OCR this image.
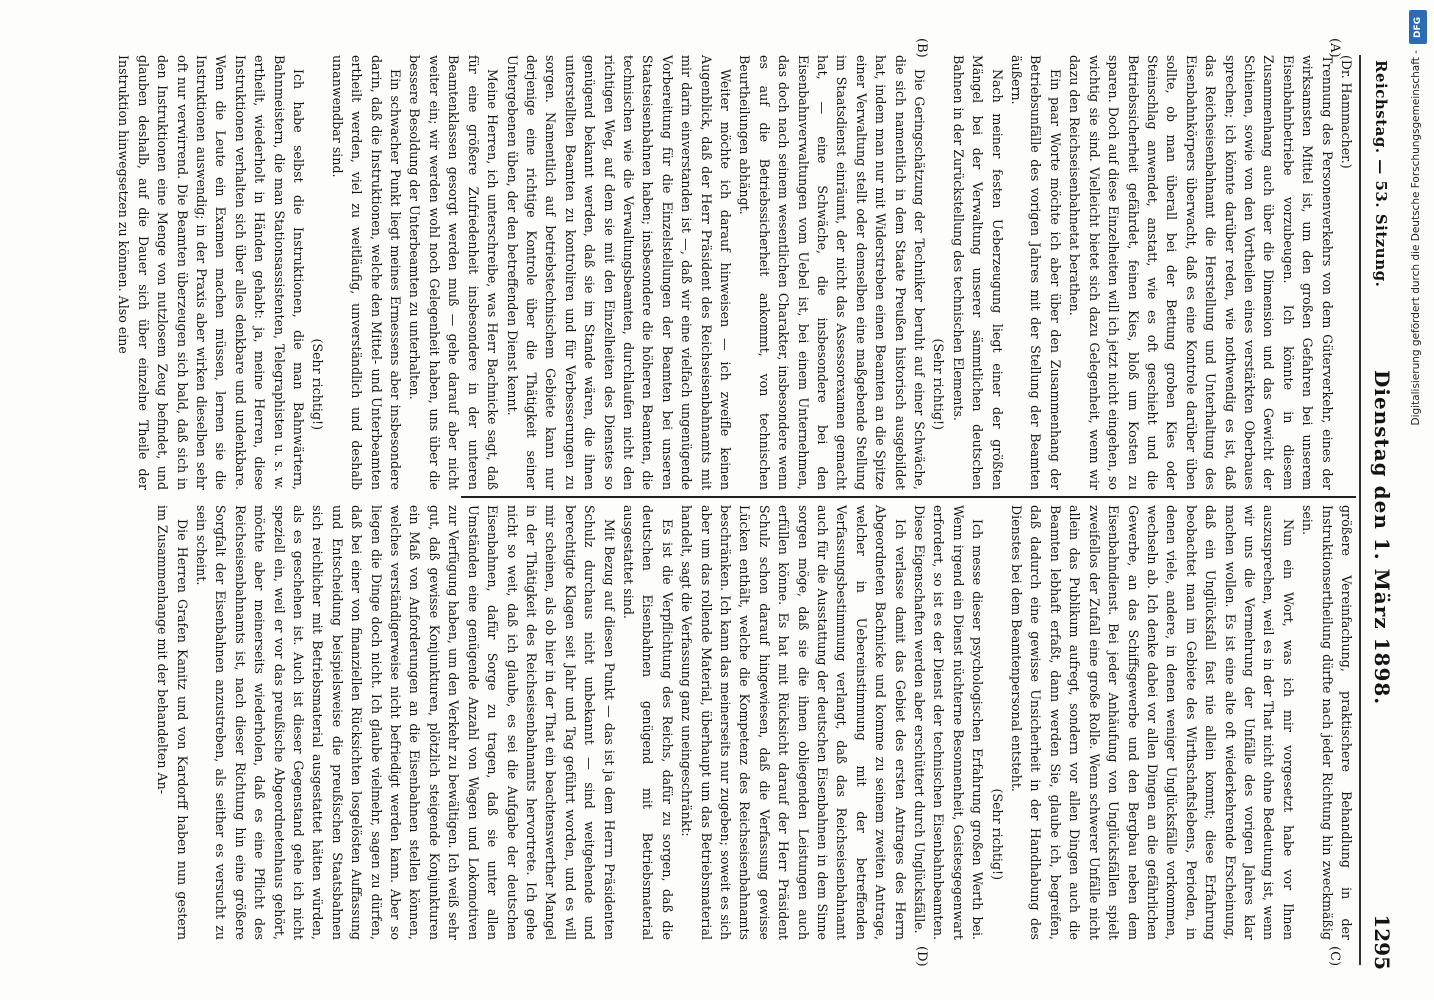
Reichstag. — 53. Sitzung.
Dienstag den 1. März 1898.
1295
(A)
(B)
(C)
(D)

(Dr. Hammacher.)

Trennung des Personenverkehrs von dem Güterverkehr, eines der wirksamsten Mittel ist, um den großen Gefahren bei unserem Eisenbahnbetriebe vorzubeugen. Ich könnte in diesem Zusammenhang auch über die Dimension und das Gewicht der Schienen, sowie von den Vortheilen eines verstärkten Oberbaues sprechen; ich könnte darüber reden, wie nothwendig es ist, daß das Reichseisenbahnamt die Herstellung und Unterhaltung des Eisenbahnkörpers überwacht, daß es eine Kontrole darüber üben sollte, ob man überall bei der Bettung groben Kies oder Steinschlag anwendet, anstatt, wie es oft geschieht und die Betriebssicherheit gefährdet, feinen Kies, bloß um Kosten zu sparen. Doch auf diese Einzelheiten will ich jetzt nicht eingehen, so wichtig sie sind. Vielleicht bietet sich dazu Gelegenheit, wenn wir dazu den Reichseisenbahnetat berathen.

Ein paar Worte möchte ich aber über den Zusammenhang der Betriebsunfälle des vorigen Jahres mit der Stellung der Beamten äußern.

Nach meiner festen Ueberzeugung liegt einer der größten Mängel bei der Verwaltung unserer sämmtlichen deutschen Bahnen in der Zurückstellung des technischen Elements.

(Sehr richtig!)

Die Geringschätzung der Techniker beruht auf einer Schwäche, die sich namentlich in dem Staate Preußen historisch ausgebildet hat, indem man nur mit Widerstreben einen Beamten an die Spitze einer Verwaltung stellt oder demselben eine maßgebende Stellung im Staatsdienst einräumt, der nicht das Assessorexamen gemacht hat, — eine Schwäche, die insbesondere bei den Eisenbahnverwaltungen vom Uebel ist, bei einem Unternehmen, das doch nach seinem wesentlichen Charakter, insbesondere wenn es auf die Betriebssicherheit ankommt, von technischen Beurtheilungen abhängt.

Weiter möchte ich darauf hinweisen — ich zweifle keinen Augenblick, daß der Herr Präsident des Reichseisenbahnamts mit mir darin einverstanden ist —, daß wir eine vielfach ungenügende Vorbereitung für die Einzelstellungen der Beamten bei unseren Staatseisenbahnen haben; insbesondere die höheren Beamten, die technischen wie die Verwaltungsbeamten, durchlaufen nicht den richtigen Weg, auf dem sie mit den Einzelheiten des Dienstes so genügend bekannt werden, daß sie im Stande wären, die ihnen unterstellten Beamten zu kontroliren und für Verbesserungen zu sorgen. Namentlich auf betriebstechnischem Gebiete kann nur derjenige eine richtige Kontrole über die Thätigkeit seiner Untergebenen üben, der den betreffenden Dienst kennt.

Meine Herren, ich unterschreibe, was Herr Bachnicke sagt, daß für eine größere Zufriedenheit insbesondere in der unteren Beamtenklassen gesorgt werden muß — gehe darauf aber nicht weiter ein; wir werden wohl noch Gelegenheit haben, uns über die bessere Besoldung der Unterbeamten zu unterhalten.

Ein schwacher Punkt liegt meines Ermessens aber insbesondere darin, daß die Instruktionen, welche den Mittel- und Unterbeamten ertheilt werden, viel zu weitläufig, unverständlich und deshalb unanwendbar sind.

(Sehr richtig!)

Ich habe selbst die Instruktionen, die man Bahnwärtern, Bahnmeistern, die man Stationsassistenten, Telegraphisten u. s. w. ertheilt, wiederholt in Händen gehabt: ja, meine Herren, diese Instruktionen verhalten sich über alles denkbare und undenkbare. Wenn die Leute ein Examen machen müssen, lernen sie die Instruktionen auswendig; in der Praxis aber wirken dieselben sehr oft nur verwirrend. Die Beamten überzeugen sich bald, daß sich in den Instruktionen eine Menge von nutzlosem Zeug befindet, und glauben deshalb, auf die Dauer sich über einzelne Theile der Instruktion hinwegsetzen zu können. Also eine

größere Vereinfachung, praktischere Behandlung in der Instruktionsertheilung dürfte nach jeder Richtung hin zweckmäßig sein.

Nun ein Wort, was ich mir vorgesetzt habe vor Ihnen auszusprechen, weil es in der That nicht ohne Bedeutung ist, wenn wir uns die Vermehrung der Unfälle des vorigen Jahres klar machen wollen. Es ist eine alte oft wiederkehrende Erscheinung, daß ein Unglücksfall fast nie allein kommt; diese Erfahrung beobachtet man im Gebiete des Wirthschaftslebens, Perioden, in denen viele, andere, in denen weniger Unglücksfälle vorkommen, wechseln ab. Ich denke dabei vor allen Dingen an die gefährlichen Gewerbe, an das Schiffsgewerbe und den Bergbau neben dem Eisenbahndienst. Bei jeder Anhäufung von Unglücksfällen spielt zweifellos der Zufall eine große Rolle. Wenn schwerer Unfälle nicht allein das Publikum aufregt, sondern vor allen Dingen auch die Beamten lebhaft erfaßt, dann werden Sie, glaube ich, begreifen, daß dadurch eine gewisse Unsicherheit in der Handhabung des Dienstes bei dem Beamtenpersonal entsteht.

(Sehr richtig!)

Ich messe dieser psychologischen Erfahrung großen Werth bei. Wenn irgend ein Dienst nüchterne Besonnenheit, Geistesgegenwart erfordert, so ist es der Dienst der technischen Eisenbahnbeamten. Diese Eigenschaften werden aber erschüttert durch Unglücksfälle.

Ich verlasse damit das Gebiet des ersten Antrages des Herrn Abgeordneten Bachnicke und komme zu seinem zweiten Antrage, welcher in Uebereinstimmung mit der betreffenden Verfassungsbestimmung verlangt, daß das Reichseisenbahnamt auch für die Ausstattung der deutschen Eisenbahnen in dem Sinne sorgen möge, daß sie die ihnen obliegenden Leistungen auch erfüllen könne. Es hat mit Rücksicht darauf der Herr Präsident Schulz schon darauf hingewiesen, daß die Verfassung gewisse Lücken enthält, welche die Kompetenz des Reichseisenbahnamts beschränken. Ich kann das meinerseits nur zugeben; soweit es sich aber um das rollende Material, überhaupt um das Betriebsmaterial handelt, sagt die Verfassung ganz uneingeschränkt:

Es ist die Verpflichtung des Reichs, dafür zu sorgen, daß die deutschen Eisenbahnen genügend mit Betriebsmaterial ausgestattet sind.

Mit Bezug auf diesen Punkt — das ist ja dem Herrn Präsidenten Schulz durchaus nicht unbekannt — sind weitgehende und berechtigte Klagen seit Jahr und Tag geführt worden, und es will mir scheinen, als ob hier in der That ein beachtenswerther Mangel in der Thätigkeit des Reichseisenbahnamts hervortrete. Ich gehe nicht so weit, daß ich glaube, es sei die Aufgabe der deutschen Eisenbahnen, dafür Sorge zu tragen, daß sie unter allen Umständen eine genügende Anzahl von Wagen und Lokomotiven zur Verfügung haben, um den Verkehr zu bewältigen. Ich weiß sehr gut, daß gewisse Konjunkturen, plötzlich steigende Konjunkturen ein Maß von Anforderungen an die Eisenbahnen stellen können, welches verständigerweise nicht befriedigt werden kann. Aber so liegen die Dinge doch nicht. Ich glaube vielmehr, sagen zu dürfen, daß bei einer von finanziellen Rücksichten losgelösten Auffassung und Entscheidung beispielsweise die preußischen Staatsbahnen sich reichlicher mit Betriebsmaterial ausgestattet hätten würden, als es geschehen ist. Auch ist dieser Gegenstand gehe ich nicht speziell ein, weil er vor das preußische Abgeordnetenhaus gehört, möchte aber meinerseits wiederholen, daß es eine Pflicht des Reichseisenbahnamts ist, nach dieser Richtung hin eine größere Sorgfalt der Eisenbahnen anzustreben, als seither es versucht zu sein scheint.

Die Herren Grafen Kanitz und von Kardorff haben nun gestern im Zusammenhange mit der behandelten An-

DFG
Digitalisierung gefördert durch die Deutsche Forschungsgemeinschaft -
